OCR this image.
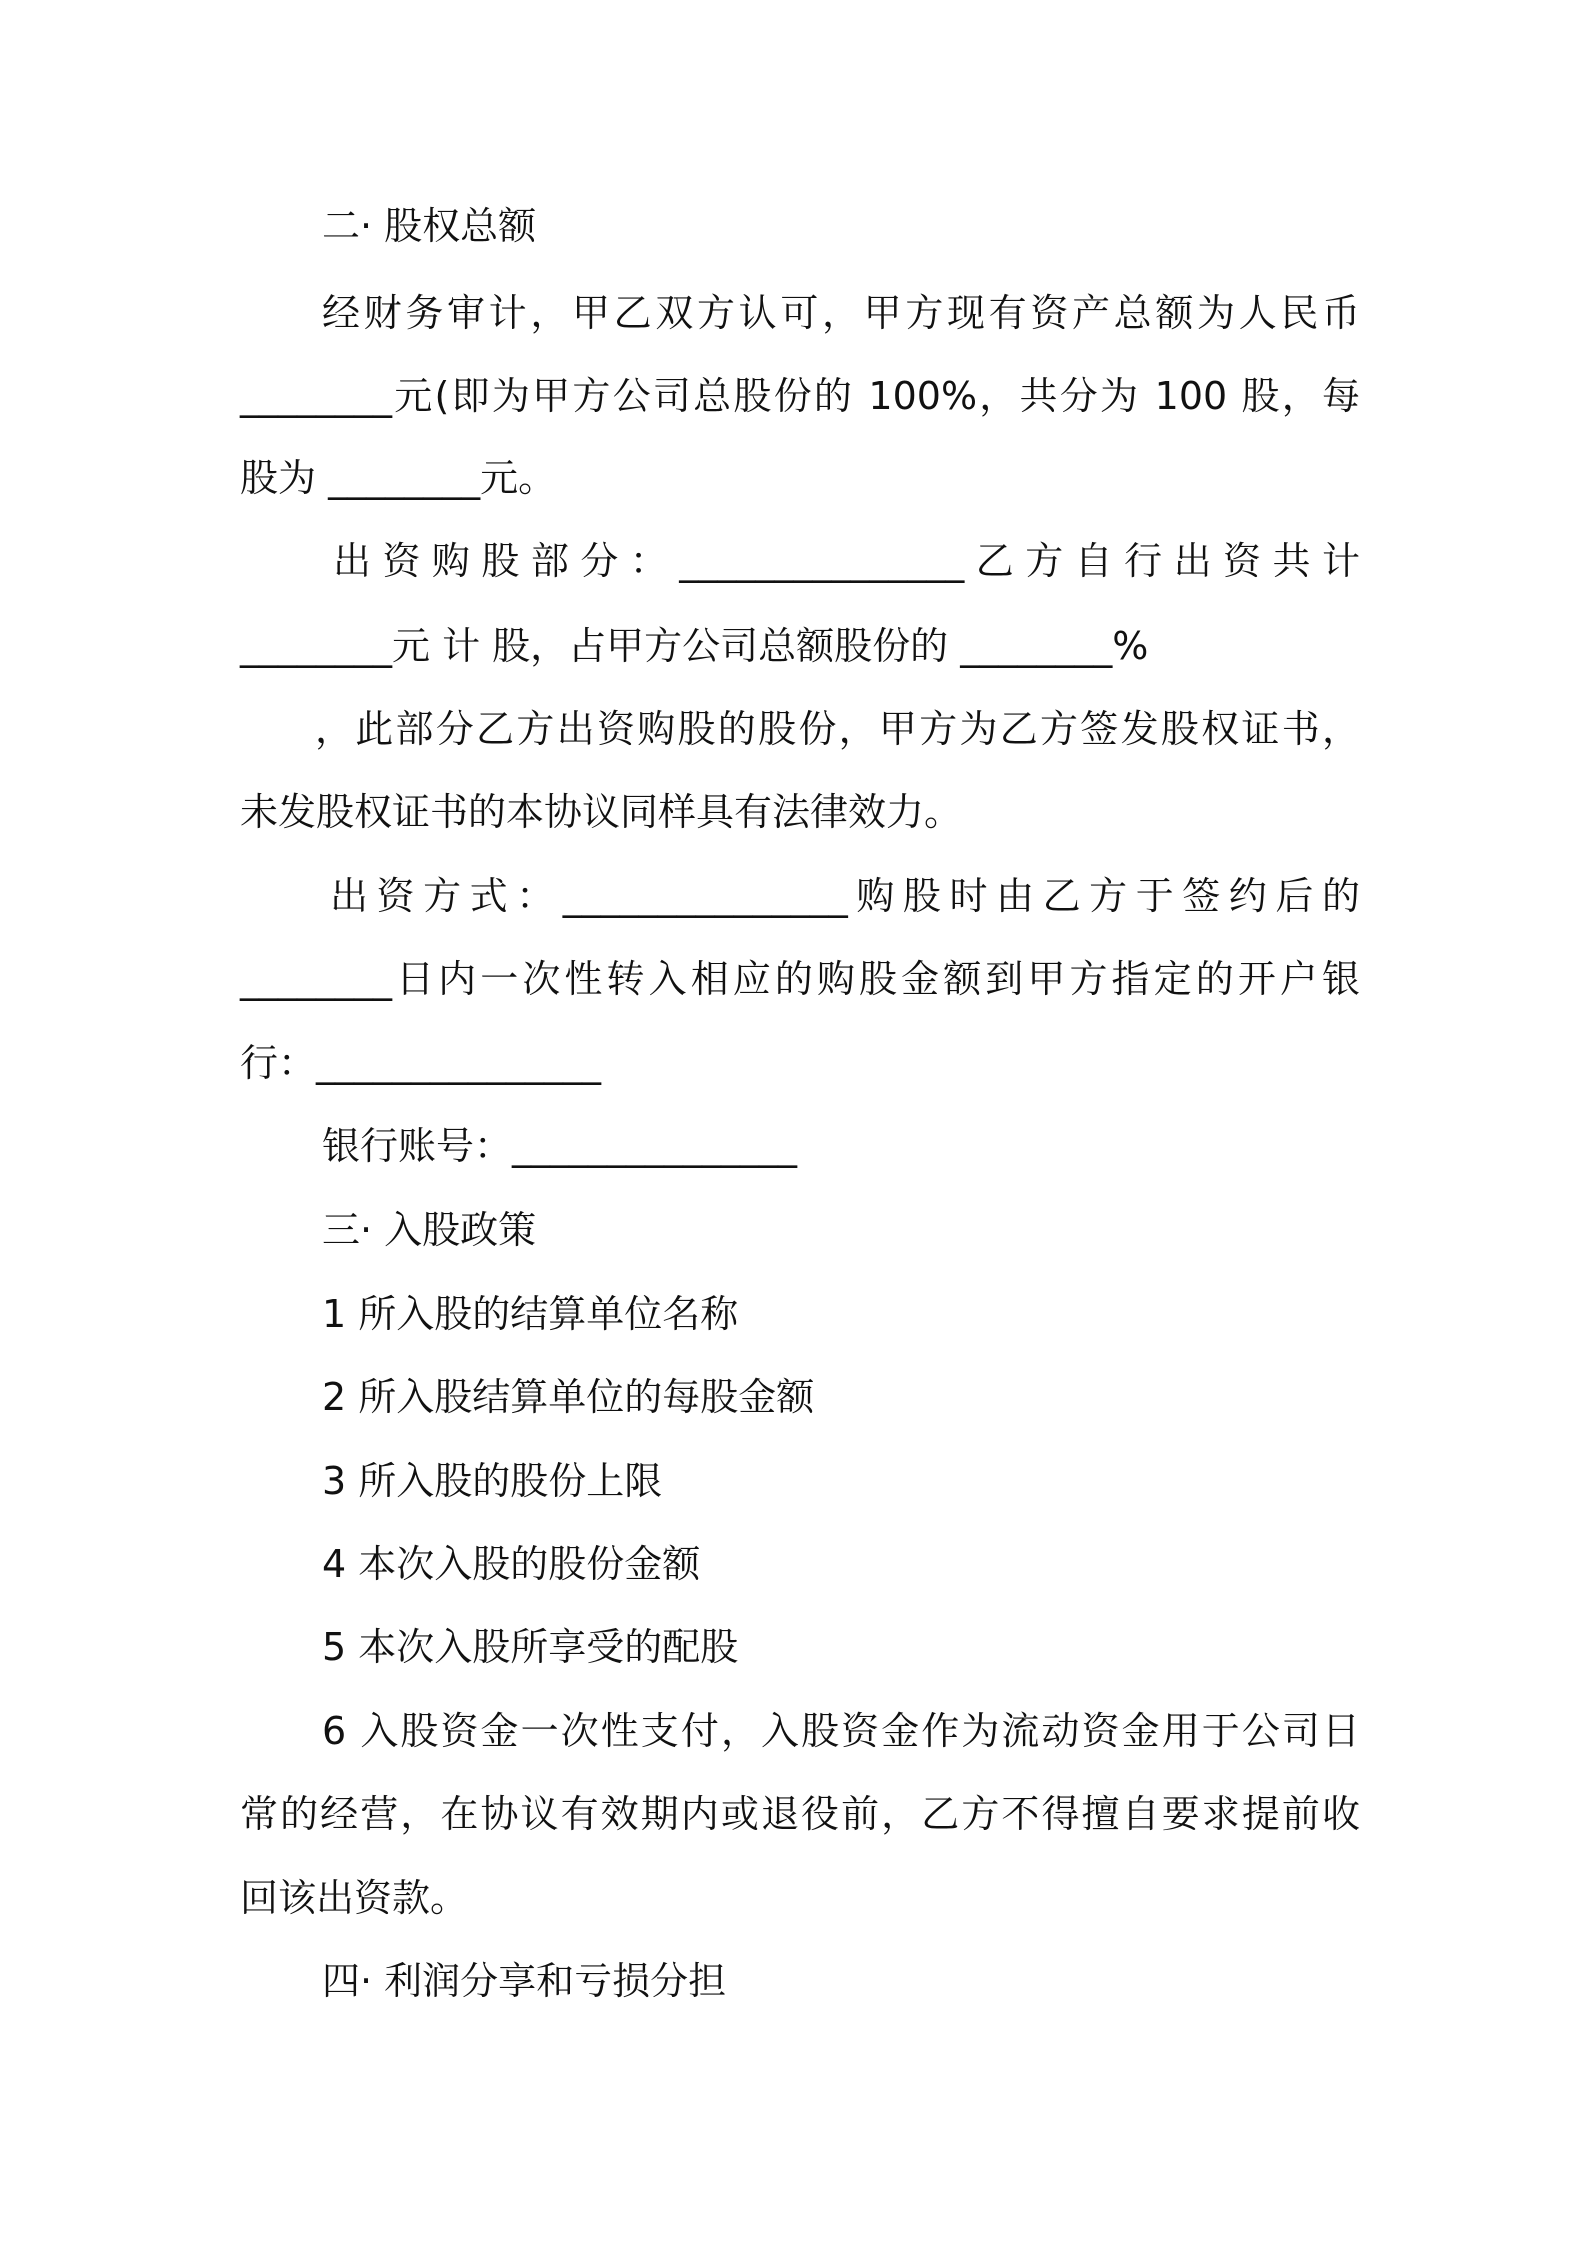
二· 股权总额

经财务审计，甲乙双方认可，甲方现有资产总额为人民币

________元(即为甲方公司总股份的 100%，共分为 100 股，每

股为 ________元。

出资购股部分：_______________乙方自行出资共计

________元 计 股，占甲方公司总额股份的 ________%

，此部分乙方出资购股的股份，甲方为乙方签发股权证书，

未发股权证书的本协议同样具有法律效力。

出资方式：_______________购股时由乙方于签约后的

________日内一次性转入相应的购股金额到甲方指定的开户银

行：_______________

银行账号：_______________

三· 入股政策

1 所入股的结算单位名称

2 所入股结算单位的每股金额

3 所入股的股份上限

4 本次入股的股份金额

5 本次入股所享受的配股

6 入股资金一次性支付，入股资金作为流动资金用于公司日

常的经营，在协议有效期内或退役前，乙方不得擅自要求提前收

回该出资款。

四· 利润分享和亏损分担
